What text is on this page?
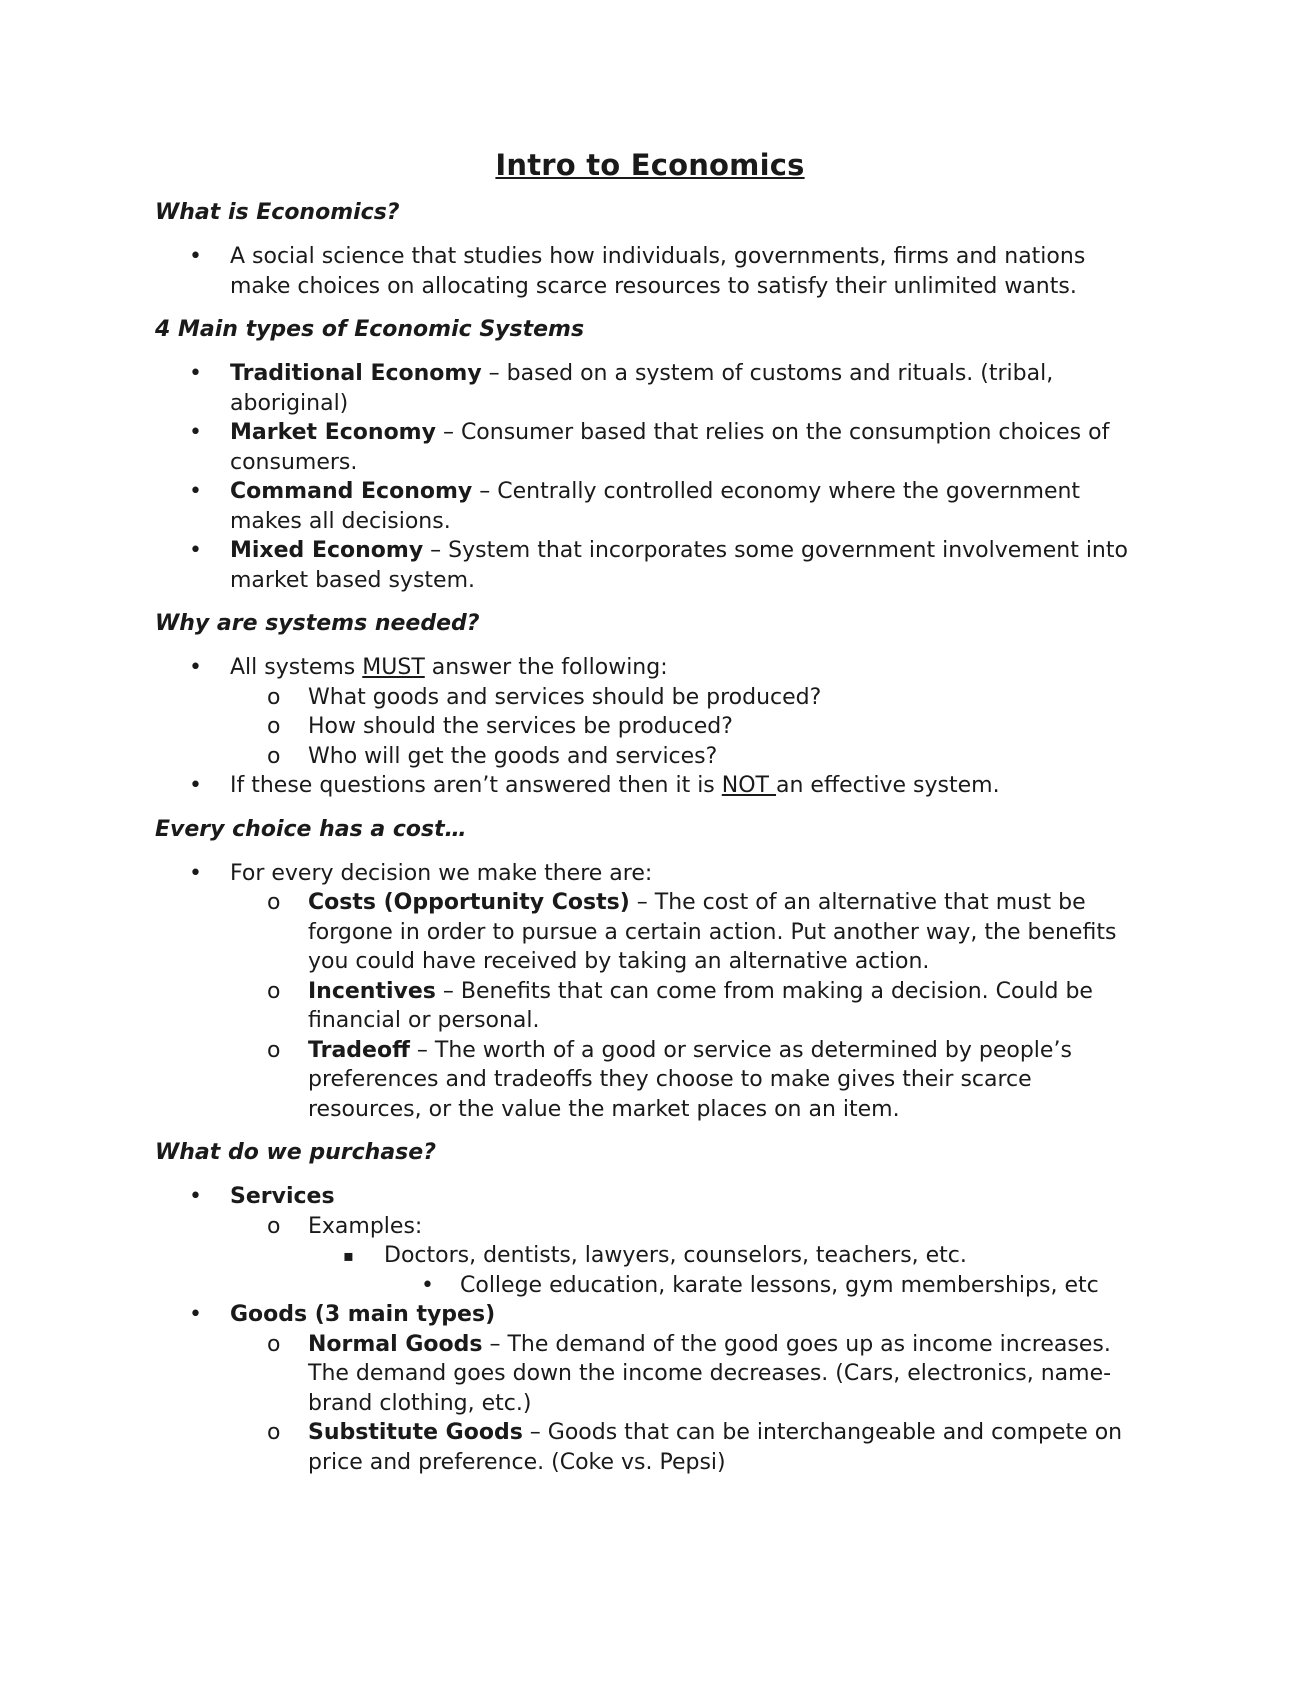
Intro to Economics
What is Economics?
• A social science that studies how individuals, governments, firms and nations make choices on allocating scarce resources to satisfy their unlimited wants.
4 Main types of Economic Systems
• Traditional Economy – based on a system of customs and rituals. (tribal, aboriginal)
• Market Economy – Consumer based that relies on the consumption choices of consumers.
• Command Economy – Centrally controlled economy where the government makes all decisions.
• Mixed Economy – System that incorporates some government involvement into market based system.
Why are systems needed?
• All systems MUST answer the following:
o What goods and services should be produced?
o How should the services be produced?
o Who will get the goods and services?
• If these questions aren’t answered then it is NOT an effective system.
Every choice has a cost…
• For every decision we make there are:
o Costs (Opportunity Costs) – The cost of an alternative that must be forgone in order to pursue a certain action. Put another way, the benefits you could have received by taking an alternative action.
o Incentives – Benefits that can come from making a decision. Could be financial or personal.
o Tradeoff – The worth of a good or service as determined by people’s preferences and tradeoffs they choose to make gives their scarce resources, or the value the market places on an item.
What do we purchase?
• Services
o Examples:
▪ Doctors, dentists, lawyers, counselors, teachers, etc.
• College education, karate lessons, gym memberships, etc
• Goods (3 main types)
o Normal Goods – The demand of the good goes up as income increases. The demand goes down the income decreases. (Cars, electronics, name-brand clothing, etc.)
o Substitute Goods – Goods that can be interchangeable and compete on price and preference. (Coke vs. Pepsi)
